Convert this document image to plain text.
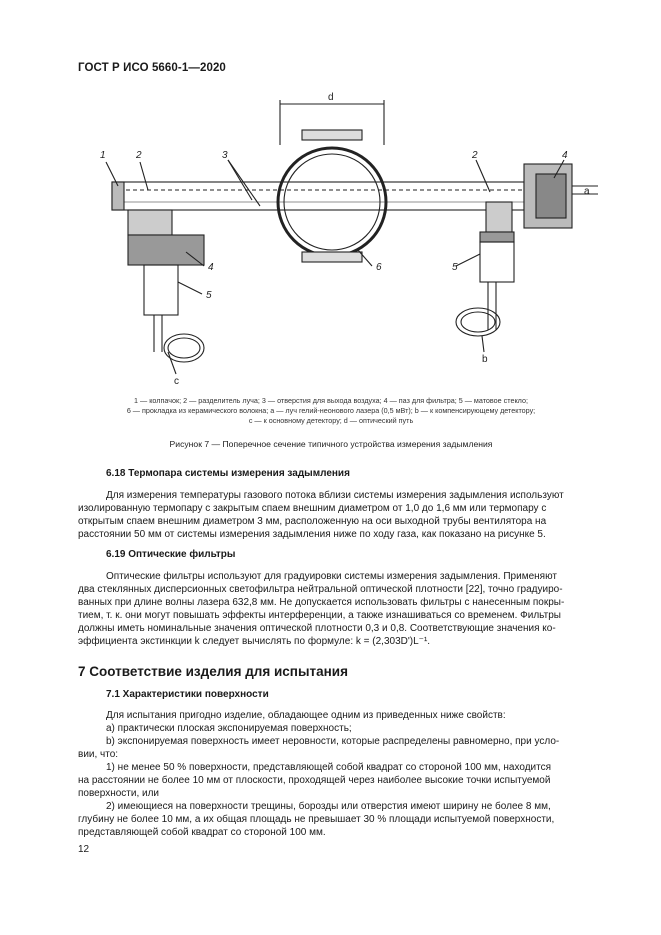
ГОСТ Р ИСО 5660-1—2020
d
1	2	3	2	4
4
5
6	5
a
b
c
1 — колпачок; 2 — разделитель луча; 3 — отверстия для выхода воздуха; 4 — паз для фильтра; 5 — матовое стекло;
6 — прокладка из керамического волокна; a — луч гелий-неонового лазера (0,5 мВт); b — к компенсирующему детектору;
c — к основному детектору; d — оптический путь
Рисунок 7 — Поперечное сечение типичного устройства измерения задымления
6.18 Термопара системы измерения задымления
Для измерения температуры газового потока вблизи системы измерения задымления используют
изолированную термопару с закрытым спаем внешним диаметром от 1,0 до 1,6 мм или термопару с
открытым спаем внешним диаметром 3 мм, расположенную на оси выходной трубы вентилятора на
расстоянии 50 мм от системы измерения задымления ниже по ходу газа, как показано на рисунке 5.
6.19 Оптические фильтры
Оптические фильтры используют для градуировки системы измерения задымления. Применяют
два стеклянных дисперсионных светофильтра нейтральной оптической плотности [22], точно градуиро-
ванных при длине волны лазера 632,8 мм. Не допускается использовать фильтры с нанесенным покры-
тием, т. к. они могут повышать эффекты интерференции, а также изнашиваться со временем. Фильтры
должны иметь номинальные значения оптической плотности 0,3 и 0,8. Соответствующие значения ко-
эффициента экстинкции k следует вычислять по формуле: k = (2,303D')L⁻¹.
7 Соответствие изделия для испытания
7.1 Характеристики поверхности
Для испытания пригодно изделие, обладающее одним из приведенных ниже свойств:
а) практически плоская экспонируемая поверхность;
b) экспонируемая поверхность имеет неровности, которые распределены равномерно, при усло-
вии, что:
1) не менее 50 % поверхности, представляющей собой квадрат со стороной 100 мм, находится
на расстоянии не более 10 мм от плоскости, проходящей через наиболее высокие точки испытуемой
поверхности, или
2) имеющиеся на поверхности трещины, борозды или отверстия имеют ширину не более 8 мм,
глубину не более 10 мм, а их общая площадь не превышает 30 % площади испытуемой поверхности,
представляющей собой квадрат со стороной 100 мм.
12
